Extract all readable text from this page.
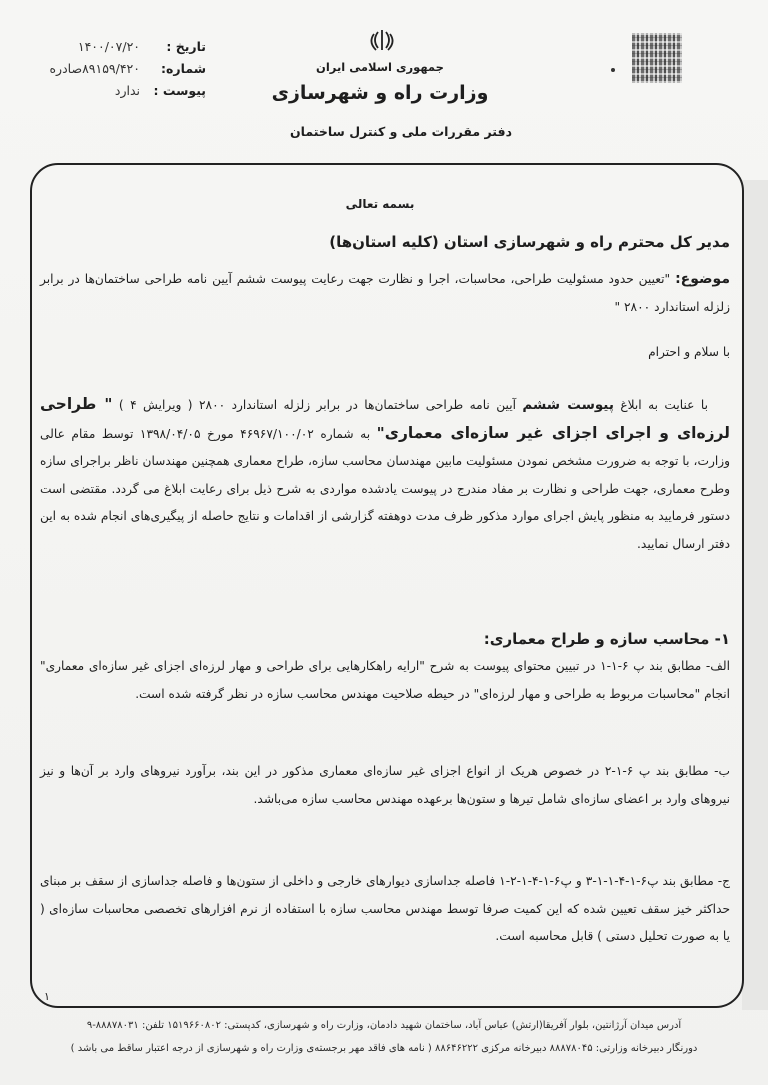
تاریخ :
۱۴۰۰/۰۷/۲۰
شماره:
۸۹۱۵۹/۴۲۰صادره
پیوست :
ندارد
جمهوری اسلامی ایران
وزارت راه و شهرسازی
دفتر مقررات ملی و کنترل ساختمان
بسمه تعالی
مدیر کل محترم راه و شهرسازی استان (کلیه استان‌ها)
موضوع: "تعیین حدود مسئولیت طراحی، محاسبات، اجرا و نظارت جهت رعایت پیوست ششم آیین نامه طراحی ساختمان‌ها در برابر زلزله استاندارد ۲۸۰۰ "
با سلام و احترام
با عنایت به ابلاغ پیوست ششم آیین نامه طراحی ساختمان‌ها در برابر زلزله استاندارد ۲۸۰۰ ( ویرایش ۴ ) " طراحی لرزه‌ای و اجرای اجزای غیر سازه‌ای معماری" به شماره ۴۶۹۶۷/۱۰۰/۰۲ مورخ ۱۳۹۸/۰۴/۰۵ توسط مقام عالی وزارت، با توجه به ضرورت مشخص نمودن مسئولیت مابین مهندسان محاسب سازه، طراح معماری همچنین مهندسان ناظر براجرای سازه وطرح معماری، جهت طراحی و نظارت بر مفاد مندرج در پیوست یادشده مواردی به شرح ذیل برای رعایت ابلاغ می گردد. مقتضی است دستور فرمایید به منظور پایش اجرای موارد مذکور ظرف مدت دوهفته گزارشی از اقدامات و نتایج حاصله از پیگیری‌های انجام شده به این دفتر ارسال نمایید.
۱- محاسب سازه و طراح معماری:
الف- مطابق بند پ ۶-۱-۱ در تبیین محتوای پیوست به شرح "ارایه راهکارهایی برای طراحی و مهار لرزه‌ای اجزای غیر سازه‌ای معماری" انجام "محاسبات مربوط به طراحی و مهار لرزه‌ای" در حیطه صلاحیت مهندس محاسب سازه در نظر گرفته شده است.
ب- مطابق بند پ ۶-۱-۲ در خصوص هریک از انواع اجزای غیر سازه‌ای معماری مذکور در این بند، برآورد نیروهای وارد بر آن‌ها و نیز نیروهای وارد بر اعضای سازه‌ای شامل تیرها و ستون‌ها برعهده مهندس محاسب سازه می‌باشد.
ج- مطابق بند پ۶-۱-۴-۱-۱-۳ و پ۶-۱-۴-۱-۲-۱ فاصله جداسازی دیوارهای خارجی و داخلی از ستون‌ها و فاصله جداسازی از سقف بر مبنای حداکثر خیز سقف تعیین شده که این کمیت صرفا توسط مهندس محاسب سازه با استفاده از نرم افزارهای تخصصی محاسبات سازه‌ای ( یا به صورت تحلیل دستی ) قابل محاسبه است.
۱
آدرس میدان آرژانتین، بلوار آفریقا(ارتش) عباس آباد، ساختمان شهید دادمان، وزارت راه و شهرسازی، کدپستی: ۱۵۱۹۶۶۰۸۰۲ تلفن: ۸۸۸۷۸۰۳۱-۹
دورنگار دبیرخانه وزارتی: ۸۸۸۷۸۰۴۵ دبیرخانه مرکزی ۸۸۶۴۶۲۲۲ ( نامه های فاقد مهر برجسته‌ی وزارت راه و شهرسازی از درجه اعتبار ساقط می باشد )
